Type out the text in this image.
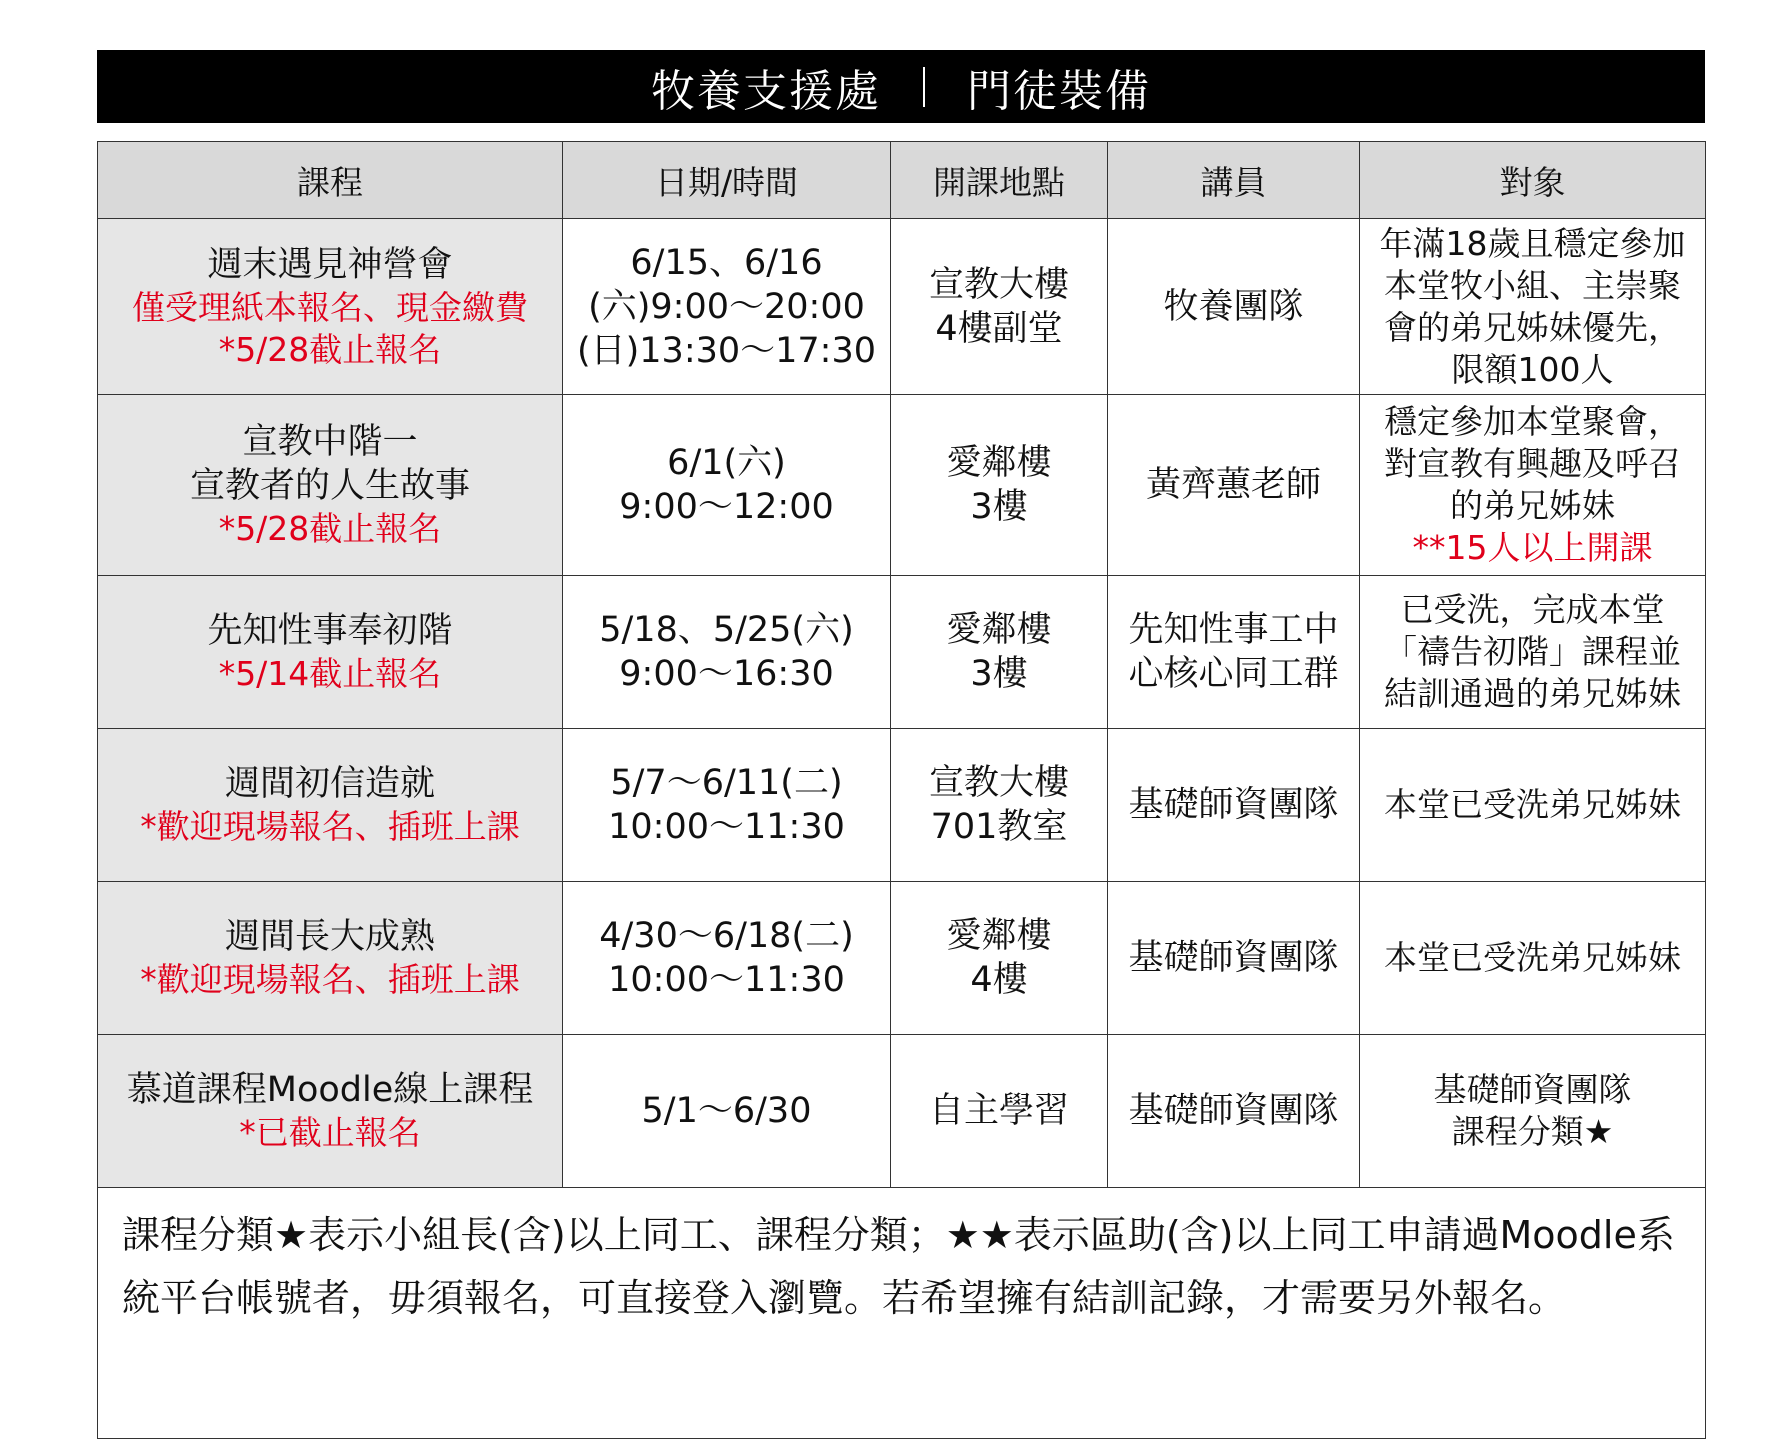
牧養支援處 門徒裝備
課程	日期/時間	開課地點	講員	對象

週末遇見神營會
僅受理紙本報名、現金繳費
*5/28截止報名	6/15、6/16
(六)9:00～20:00
(日)13:30～17:30	宣教大樓
4樓副堂	牧養團隊	年滿18歲且穩定參加
本堂牧小組、主崇聚
會的弟兄姊妹優先，
限額100人

宣教中階一
宣教者的人生故事
*5/28截止報名	6/1(六)
9:00～12:00	愛鄰樓
3樓	黃齊蕙老師	穩定參加本堂聚會，
對宣教有興趣及呼召
的弟兄姊妹
**15人以上開課

先知性事奉初階
*5/14截止報名	5/18、5/25(六)
9:00～16:30	愛鄰樓
3樓	先知性事工中
心核心同工群	已受洗，完成本堂
「禱告初階」課程並
結訓通過的弟兄姊妹

週間初信造就
*歡迎現場報名、插班上課	5/7～6/11(二)
10:00～11:30	宣教大樓
701教室	基礎師資團隊	本堂已受洗弟兄姊妹

週間長大成熟
*歡迎現場報名、插班上課	4/30～6/18(二)
10:00～11:30	愛鄰樓
4樓	基礎師資團隊	本堂已受洗弟兄姊妹

慕道課程Moodle線上課程
*已截止報名	5/1～6/30	自主學習	基礎師資團隊	基礎師資團隊
課程分類★

課程分類★表示小組長(含)以上同工、課程分類；★★表示區助(含)以上同工申請過Moodle系統平台帳號者，毋須報名，可直接登入瀏覽。若希望擁有結訓記錄，才需要另外報名。				
